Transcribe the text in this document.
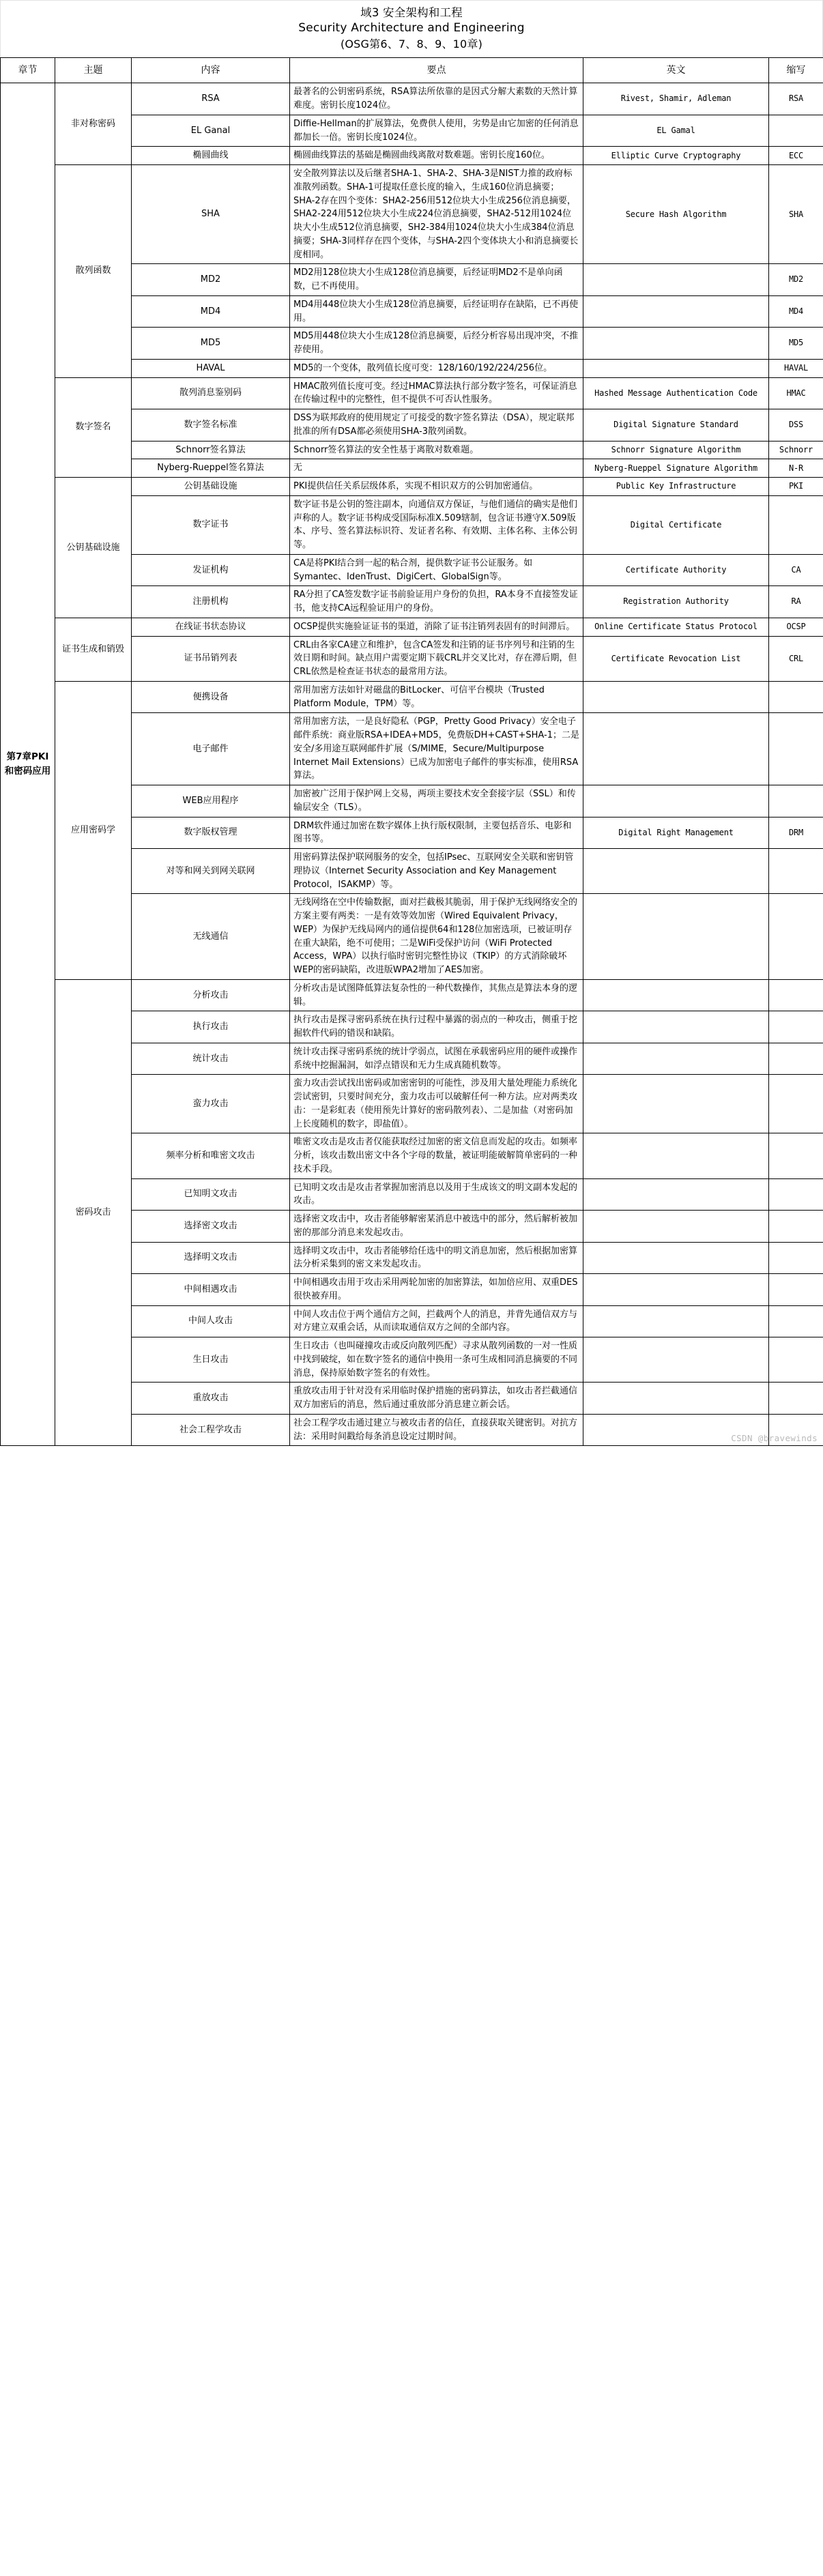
域3 安全架构和工程
Security Architecture and Engineering
(OSG第6、7、8、9、10章)
章节	主题	内容	要点	英文	缩写
第7章PKI和密码应用	非对称密码	RSA	最著名的公钥密码系统，RSA算法所依靠的是因式分解大素数的天然计算难度。密钥长度1024位。	Rivest, Shamir, Adleman	RSA
		EL Ganal	Diffie-Hellman的扩展算法，免费供人使用，劣势是由它加密的任何消息都加长一倍。密钥长度1024位。	EL Gamal	
		椭圆曲线	椭圆曲线算法的基础是椭圆曲线离散对数难题。密钥长度160位。	Elliptic Curve Cryptography	ECC
	散列函数	SHA	安全散列算法以及后继者SHA-1、SHA-2、SHA-3是NIST力推的政府标准散列函数。SHA-1可提取任意长度的输入，生成160位消息摘要；SHA-2存在四个变体：SHA2-256用512位块大小生成256位消息摘要，SHA2-224用512位块大小生成224位消息摘要，SHA2-512用1024位块大小生成512位消息摘要，SH2-384用1024位块大小生成384位消息摘要；SHA-3同样存在四个变体，与SHA-2四个变体块大小和消息摘要长度相同。	Secure Hash Algorithm	SHA
		MD2	MD2用128位块大小生成128位消息摘要，后经证明MD2不是单向函数，已不再使用。		MD2
		MD4	MD4用448位块大小生成128位消息摘要，后经证明存在缺陷，已不再使用。		MD4
		MD5	MD5用448位块大小生成128位消息摘要，后经分析容易出现冲突，不推荐使用。		MD5
		HAVAL	MD5的一个变体，散列值长度可变：128/160/192/224/256位。		HAVAL
	数字签名	散列消息鉴别码	HMAC散列值长度可变。经过HMAC算法执行部分数字签名，可保证消息在传输过程中的完整性，但不提供不可否认性服务。	Hashed Message Authentication Code	HMAC
		数字签名标准	DSS为联邦政府的使用规定了可接受的数字签名算法（DSA），规定联邦批准的所有DSA都必须使用SHA-3散列函数。	Digital Signature Standard	DSS
		Schnorr签名算法	Schnorr签名算法的安全性基于离散对数难题。	Schnorr Signature Algorithm	Schnorr
		Nyberg-Rueppel签名算法	无	Nyberg-Rueppel Signature Algorithm	N-R
	公钥基础设施	公钥基础设施	PKI提供信任关系层级体系，实现不相识双方的公钥加密通信。	Public Key Infrastructure	PKI
		数字证书	数字证书是公钥的签注副本，向通信双方保证，与他们通信的确实是他们声称的人。数字证书构成受国际标准X.509辖制，包含证书遵守X.509版本、序号、签名算法标识符、发证者名称、有效期、主体名称、主体公钥等。	Digital Certificate	
		发证机构	CA是将PKI结合到一起的粘合剂，提供数字证书公证服务。如Symantec、IdenTrust、DigiCert、GlobalSign等。	Certificate Authority	CA
		注册机构	RA分担了CA签发数字证书前验证用户身份的负担，RA本身不直接签发证书，他支持CA远程验证用户的身份。	Registration Authority	RA
	证书生成和销毁	在线证书状态协议	OCSP提供实施验证证书的渠道，消除了证书注销列表固有的时间滞后。	Online Certificate Status Protocol	OCSP
		证书吊销列表	CRL由各家CA建立和维护，包含CA签发和注销的证书序列号和注销的生效日期和时间。缺点用户需要定期下载CRL并交叉比对，存在滞后期，但CRL依然是检查证书状态的最常用方法。	Certificate Revocation List	CRL
	应用密码学	便携设备	常用加密方法如针对磁盘的BitLocker、可信平台模块（Trusted Platform Module，TPM）等。		
		电子邮件	常用加密方法，一是良好隐私（PGP，Pretty Good Privacy）安全电子邮件系统：商业版RSA+IDEA+MD5，免费版DH+CAST+SHA-1；二是安全/多用途互联网邮件扩展（S/MIME，Secure/Multipurpose Internet Mail Extensions）已成为加密电子邮件的事实标准，使用RSA算法。		
		WEB应用程序	加密被广泛用于保护网上交易，两项主要技术安全套接字层（SSL）和传输层安全（TLS）。		
		数字版权管理	DRM软件通过加密在数字媒体上执行版权限制，主要包括音乐、电影和图书等。	Digital Right Management	DRM
		对等和网关到网关联网	用密码算法保护联网服务的安全，包括IPsec、互联网安全关联和密钥管理协议（Internet Security Association and Key Management Protocol，ISAKMP）等。		
		无线通信	无线网络在空中传输数据，面对拦截极其脆弱，用于保护无线网络安全的方案主要有两类：一是有效等效加密（Wired Equivalent Privacy，WEP）为保护无线局网内的通信提供64和128位加密选项，已被证明存在重大缺陷，绝不可使用；二是WiFi受保护访问（WiFi Protected Access，WPA）以执行临时密钥完整性协议（TKIP）的方式消除破坏WEP的密码缺陷，改进版WPA2增加了AES加密。		
	密码攻击	分析攻击	分析攻击是试图降低算法复杂性的一种代数操作，其焦点是算法本身的逻辑。		
		执行攻击	执行攻击是探寻密码系统在执行过程中暴露的弱点的一种攻击，侧重于挖掘软件代码的错误和缺陷。		
		统计攻击	统计攻击探寻密码系统的统计学弱点，试图在承载密码应用的硬件或操作系统中挖掘漏洞，如浮点错误和无力生成真随机数等。		
		蛮力攻击	蛮力攻击尝试找出密码或加密密钥的可能性，涉及用大量处理能力系统化尝试密钥，只要时间充分，蛮力攻击可以破解任何一种方法。应对两类攻击：一是彩虹表（使用预先计算好的密码散列表）、二是加盐（对密码加上长度随机的数字，即盐值）。		
		频率分析和唯密文攻击	唯密文攻击是攻击者仅能获取经过加密的密文信息而发起的攻击。如频率分析，该攻击数出密文中各个字母的数量，被证明能破解简单密码的一种技术手段。		
		已知明文攻击	已知明文攻击是攻击者掌握加密消息以及用于生成该文的明文副本发起的攻击。		
		选择密文攻击	选择密文攻击中，攻击者能够解密某消息中被选中的部分，然后解析被加密的那部分消息来发起攻击。		
		选择明文攻击	选择明文攻击中，攻击者能够给任选中的明文消息加密，然后根据加密算法分析采集到的密文来发起攻击。		
		中间相遇攻击	中间相遇攻击用于攻击采用两轮加密的加密算法，如加倍应用、双重DES很快被弃用。		
		中间人攻击	中间人攻击位于两个通信方之间，拦截两个人的消息，并背先通信双方与对方建立双重会话，从而读取通信双方之间的全部内容。		
		生日攻击	生日攻击（也叫碰撞攻击或反向散列匹配）寻求从散列函数的一对一性质中找到破绽，如在数字签名的通信中换用一条可生成相同消息摘要的不同消息，保持原始数字签名的有效性。		
		重放攻击	重放攻击用于针对没有采用临时保护措施的密码算法，如攻击者拦截通信双方加密后的消息，然后通过重放部分消息建立新会话。		
		社会工程学攻击	社会工程学攻击通过建立与被攻击者的信任，直接获取关键密钥。对抗方法：采用时间戳给每条消息设定过期时间。			CSDN @bravewinds
